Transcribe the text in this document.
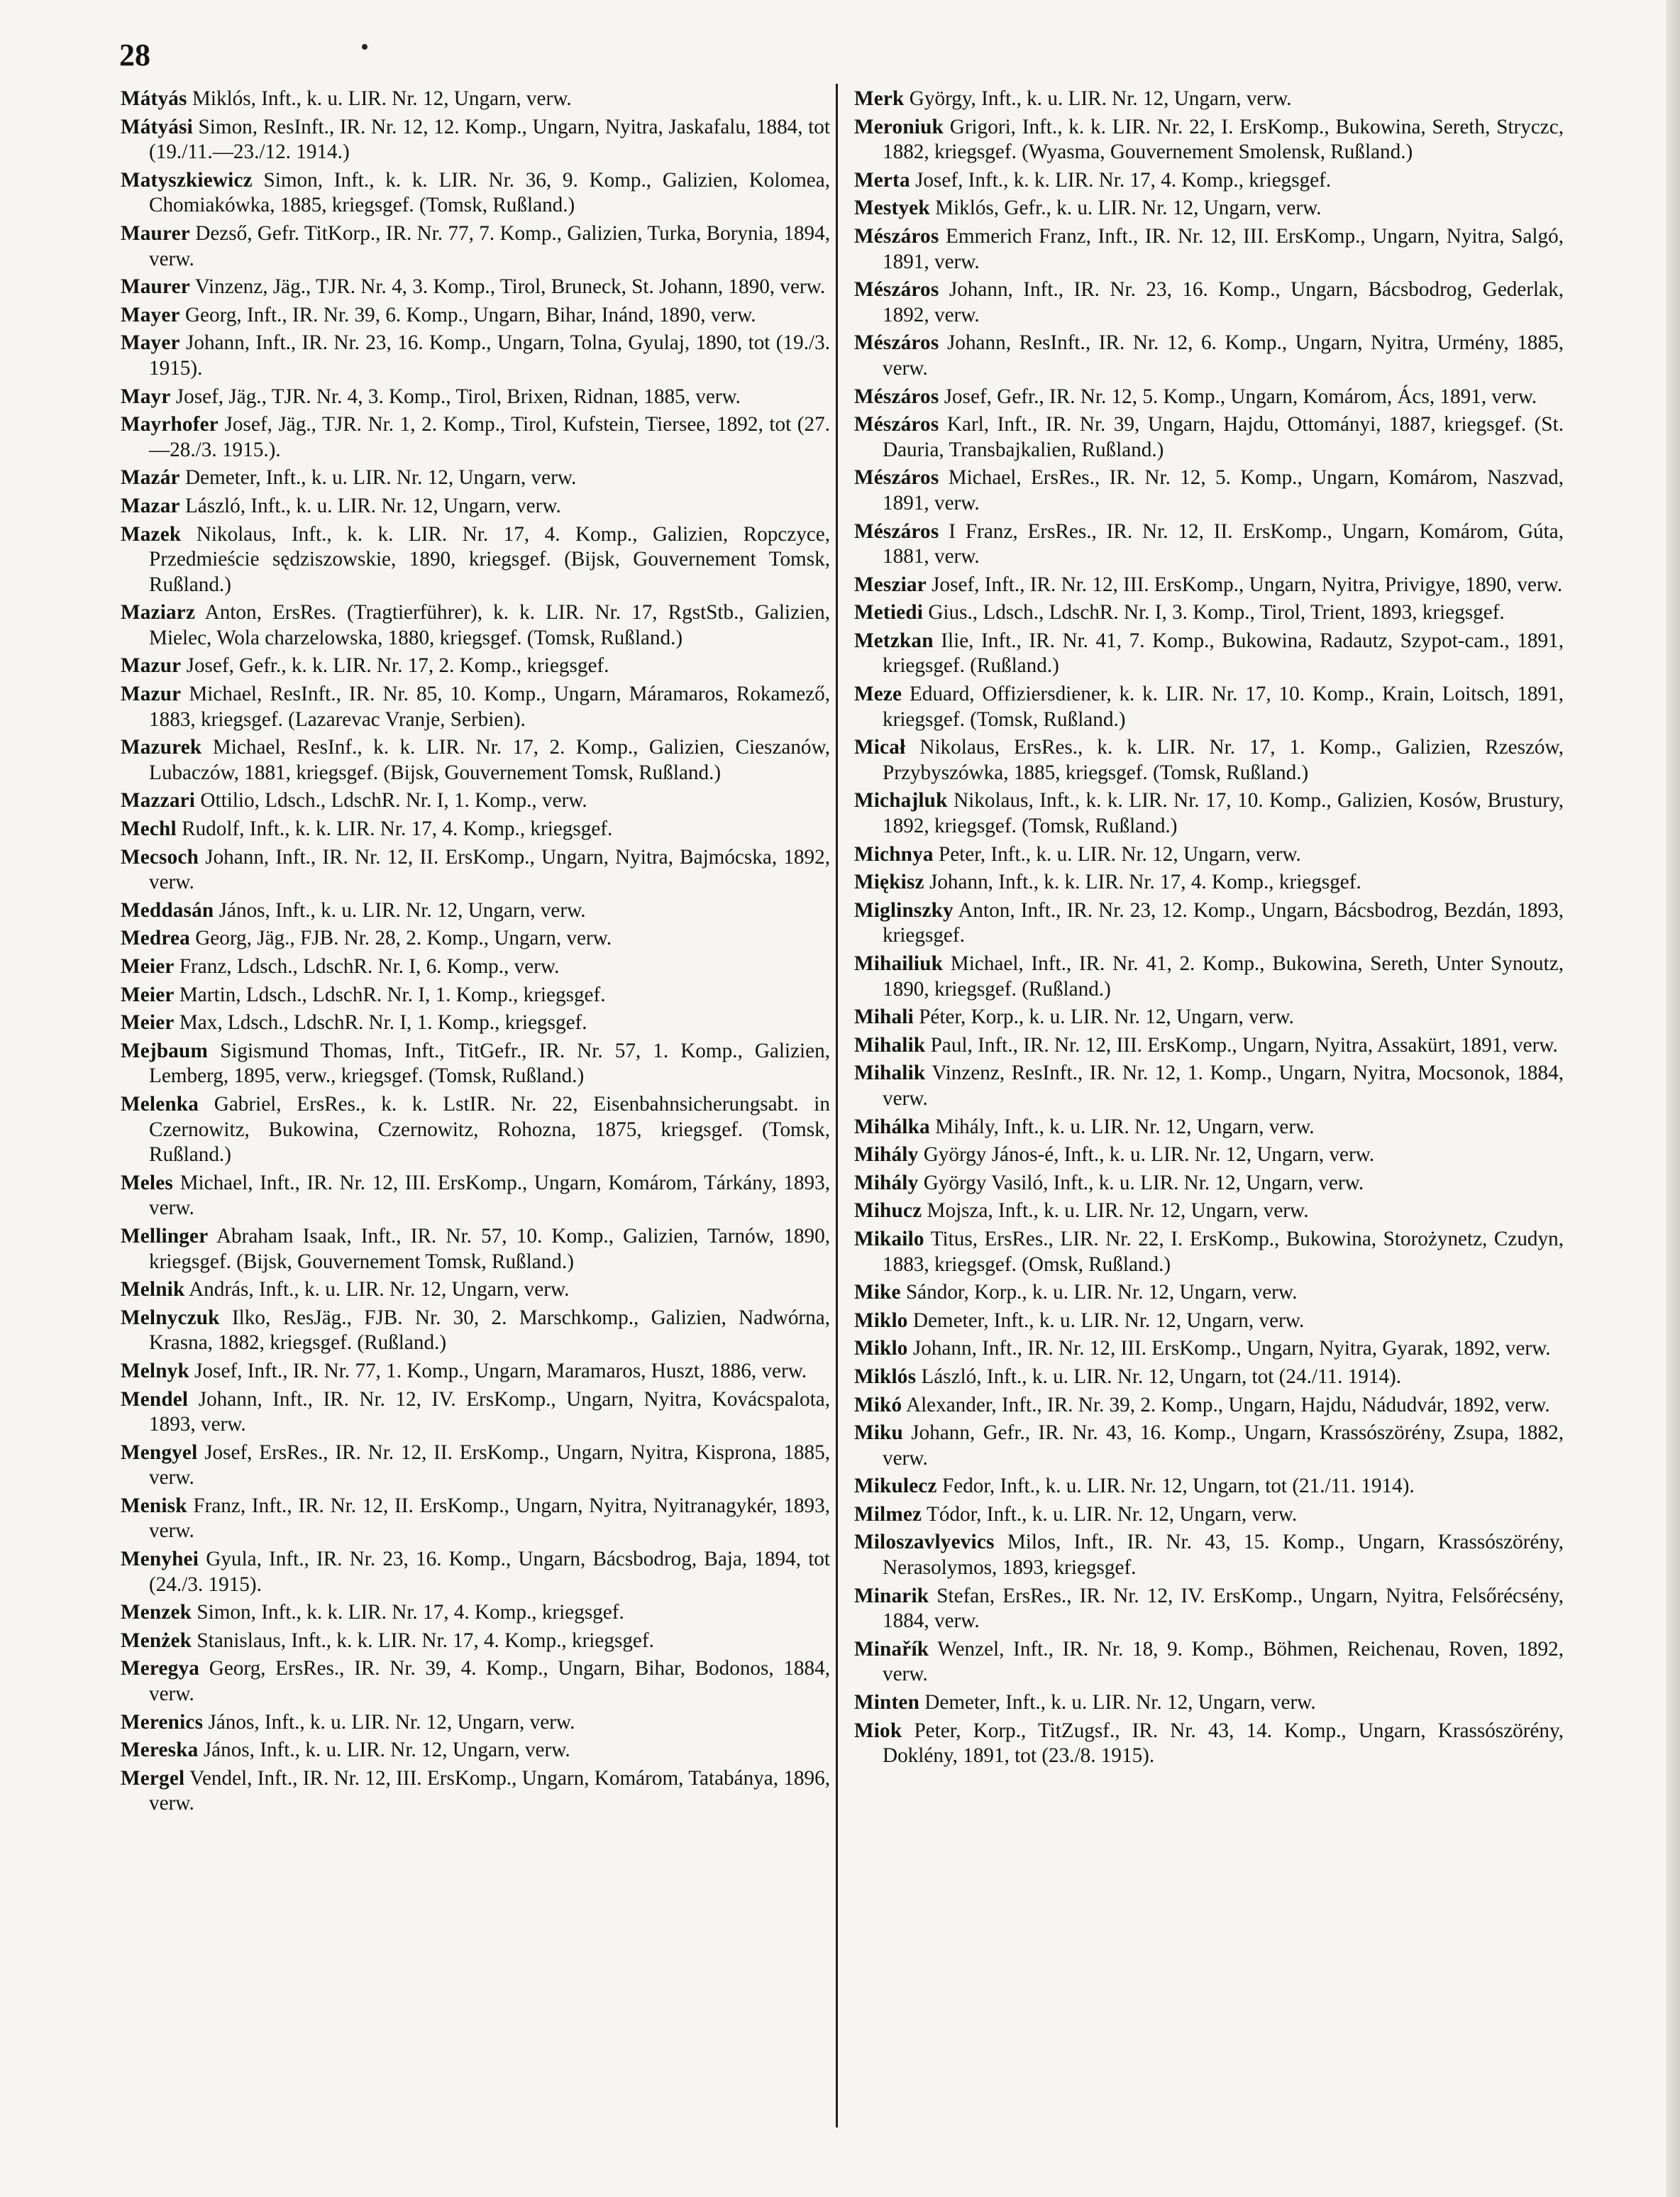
28

Mátyás Miklós, Inft., k. u. LIR. Nr. 12, Ungarn, verw.

Mátyási Simon, ResInft., IR. Nr. 12, 12. Komp., Ungarn, Nyitra, Jaskafalu, 1884, tot (19./11.—23./12. 1914.)

Matyszkiewicz Simon, Inft., k. k. LIR. Nr. 36, 9. Komp., Galizien, Kolomea, Chomiakówka, 1885, kriegsgef. (Tomsk, Rußland.)

Maurer Dezső, Gefr. TitKorp., IR. Nr. 77, 7. Komp., Galizien, Turka, Borynia, 1894, verw.

Maurer Vinzenz, Jäg., TJR. Nr. 4, 3. Komp., Tirol, Bruneck, St. Johann, 1890, verw.

Mayer Georg, Inft., IR. Nr. 39, 6. Komp., Ungarn, Bihar, Inánd, 1890, verw.

Mayer Johann, Inft., IR. Nr. 23, 16. Komp., Ungarn, Tolna, Gyulaj, 1890, tot (19./3. 1915).

Mayr Josef, Jäg., TJR. Nr. 4, 3. Komp., Tirol, Brixen, Ridnan, 1885, verw.

Mayrhofer Josef, Jäg., TJR. Nr. 1, 2. Komp., Tirol, Kufstein, Tiersee, 1892, tot (27.—28./3. 1915.).

Mazár Demeter, Inft., k. u. LIR. Nr. 12, Ungarn, verw.

Mazar László, Inft., k. u. LIR. Nr. 12, Ungarn, verw.

Mazek Nikolaus, Inft., k. k. LIR. Nr. 17, 4. Komp., Galizien, Ropczyce, Przedmieście sędziszowskie, 1890, kriegsgef. (Bijsk, Gouvernement Tomsk, Rußland.)

Maziarz Anton, ErsRes. (Tragtierführer), k. k. LIR. Nr. 17, RgstStb., Galizien, Mielec, Wola charzelowska, 1880, kriegsgef. (Tomsk, Rußland.)

Mazur Josef, Gefr., k. k. LIR. Nr. 17, 2. Komp., kriegsgef.

Mazur Michael, ResInft., IR. Nr. 85, 10. Komp., Ungarn, Máramaros, Rokamező, 1883, kriegsgef. (Lazarevac Vranje, Serbien).

Mazurek Michael, ResInf., k. k. LIR. Nr. 17, 2. Komp., Galizien, Cieszanów, Lubaczów, 1881, kriegsgef. (Bijsk, Gouvernement Tomsk, Rußland.)

Mazzari Ottilio, Ldsch., LdschR. Nr. I, 1. Komp., verw.

Mechl Rudolf, Inft., k. k. LIR. Nr. 17, 4. Komp., kriegsgef.

Mecsoch Johann, Inft., IR. Nr. 12, II. ErsKomp., Ungarn, Nyitra, Bajmócska, 1892, verw.

Meddasán János, Inft., k. u. LIR. Nr. 12, Ungarn, verw.

Medrea Georg, Jäg., FJB. Nr. 28, 2. Komp., Ungarn, verw.

Meier Franz, Ldsch., LdschR. Nr. I, 6. Komp., verw.

Meier Martin, Ldsch., LdschR. Nr. I, 1. Komp., kriegsgef.

Meier Max, Ldsch., LdschR. Nr. I, 1. Komp., kriegsgef.

Mejbaum Sigismund Thomas, Inft., TitGefr., IR. Nr. 57, 1. Komp., Galizien, Lemberg, 1895, verw., kriegsgef. (Tomsk, Rußland.)

Melenka Gabriel, ErsRes., k. k. LstIR. Nr. 22, Eisenbahnsicherungsabt. in Czernowitz, Bukowina, Czernowitz, Rohozna, 1875, kriegsgef. (Tomsk, Rußland.)

Meles Michael, Inft., IR. Nr. 12, III. ErsKomp., Ungarn, Komárom, Tárkány, 1893, verw.

Mellinger Abraham Isaak, Inft., IR. Nr. 57, 10. Komp., Galizien, Tarnów, 1890, kriegsgef. (Bijsk, Gouvernement Tomsk, Rußland.)

Melnik András, Inft., k. u. LIR. Nr. 12, Ungarn, verw.

Melnyczuk Ilko, ResJäg., FJB. Nr. 30, 2. Marschkomp., Galizien, Nadwórna, Krasna, 1882, kriegsgef. (Rußland.)

Melnyk Josef, Inft., IR. Nr. 77, 1. Komp., Ungarn, Maramaros, Huszt, 1886, verw.

Mendel Johann, Inft., IR. Nr. 12, IV. ErsKomp., Ungarn, Nyitra, Kovácspalota, 1893, verw.

Mengyel Josef, ErsRes., IR. Nr. 12, II. ErsKomp., Ungarn, Nyitra, Kisprona, 1885, verw.

Menisk Franz, Inft., IR. Nr. 12, II. ErsKomp., Ungarn, Nyitra, Nyitranagykér, 1893, verw.

Menyhei Gyula, Inft., IR. Nr. 23, 16. Komp., Ungarn, Bácsbodrog, Baja, 1894, tot (24./3. 1915).

Menzek Simon, Inft., k. k. LIR. Nr. 17, 4. Komp., kriegsgef.

Menżek Stanislaus, Inft., k. k. LIR. Nr. 17, 4. Komp., kriegsgef.

Meregya Georg, ErsRes., IR. Nr. 39, 4. Komp., Ungarn, Bihar, Bodonos, 1884, verw.

Merenics János, Inft., k. u. LIR. Nr. 12, Ungarn, verw.

Mereska János, Inft., k. u. LIR. Nr. 12, Ungarn, verw.

Mergel Vendel, Inft., IR. Nr. 12, III. ErsKomp., Ungarn, Komárom, Tatabánya, 1896, verw.

Merk György, Inft., k. u. LIR. Nr. 12, Ungarn, verw.

Meroniuk Grigori, Inft., k. k. LIR. Nr. 22, I. ErsKomp., Bukowina, Sereth, Stryczc, 1882, kriegsgef. (Wyasma, Gouvernement Smolensk, Rußland.)

Merta Josef, Inft., k. k. LIR. Nr. 17, 4. Komp., kriegsgef.

Mestyek Miklós, Gefr., k. u. LIR. Nr. 12, Ungarn, verw.

Mészáros Emmerich Franz, Inft., IR. Nr. 12, III. ErsKomp., Ungarn, Nyitra, Salgó, 1891, verw.

Mészáros Johann, Inft., IR. Nr. 23, 16. Komp., Ungarn, Bácsbodrog, Gederlak, 1892, verw.

Mészáros Johann, ResInft., IR. Nr. 12, 6. Komp., Ungarn, Nyitra, Urmény, 1885, verw.

Mészáros Josef, Gefr., IR. Nr. 12, 5. Komp., Ungarn, Komárom, Ács, 1891, verw.

Mészáros Karl, Inft., IR. Nr. 39, Ungarn, Hajdu, Ottományi, 1887, kriegsgef. (St. Dauria, Transbajkalien, Rußland.)

Mészáros Michael, ErsRes., IR. Nr. 12, 5. Komp., Ungarn, Komárom, Naszvad, 1891, verw.

Mészáros I Franz, ErsRes., IR. Nr. 12, II. ErsKomp., Ungarn, Komárom, Gúta, 1881, verw.

Mesziar Josef, Inft., IR. Nr. 12, III. ErsKomp., Ungarn, Nyitra, Privigye, 1890, verw.

Metiedi Gius., Ldsch., LdschR. Nr. I, 3. Komp., Tirol, Trient, 1893, kriegsgef.

Metzkan Ilie, Inft., IR. Nr. 41, 7. Komp., Bukowina, Radautz, Szypot-cam., 1891, kriegsgef. (Rußland.)

Meze Eduard, Offiziersdiener, k. k. LIR. Nr. 17, 10. Komp., Krain, Loitsch, 1891, kriegsgef. (Tomsk, Rußland.)

Micał Nikolaus, ErsRes., k. k. LIR. Nr. 17, 1. Komp., Galizien, Rzeszów, Przybyszówka, 1885, kriegsgef. (Tomsk, Rußland.)

Michajluk Nikolaus, Inft., k. k. LIR. Nr. 17, 10. Komp., Galizien, Kosów, Brustury, 1892, kriegsgef. (Tomsk, Rußland.)

Michnya Peter, Inft., k. u. LIR. Nr. 12, Ungarn, verw.

Miękisz Johann, Inft., k. k. LIR. Nr. 17, 4. Komp., kriegsgef.

Miglinszky Anton, Inft., IR. Nr. 23, 12. Komp., Ungarn, Bácsbodrog, Bezdán, 1893, kriegsgef.

Mihailiuk Michael, Inft., IR. Nr. 41, 2. Komp., Bukowina, Sereth, Unter Synoutz, 1890, kriegsgef. (Rußland.)

Mihali Péter, Korp., k. u. LIR. Nr. 12, Ungarn, verw.

Mihalik Paul, Inft., IR. Nr. 12, III. ErsKomp., Ungarn, Nyitra, Assakürt, 1891, verw.

Mihalik Vinzenz, ResInft., IR. Nr. 12, 1. Komp., Ungarn, Nyitra, Mocsonok, 1884, verw.

Mihálka Mihály, Inft., k. u. LIR. Nr. 12, Ungarn, verw.

Mihály György János-é, Inft., k. u. LIR. Nr. 12, Ungarn, verw.

Mihály György Vasiló, Inft., k. u. LIR. Nr. 12, Ungarn, verw.

Mihucz Mojsza, Inft., k. u. LIR. Nr. 12, Ungarn, verw.

Mikailo Titus, ErsRes., LIR. Nr. 22, I. ErsKomp., Bukowina, Storożynetz, Czudyn, 1883, kriegsgef. (Omsk, Rußland.)

Mike Sándor, Korp., k. u. LIR. Nr. 12, Ungarn, verw.

Miklo Demeter, Inft., k. u. LIR. Nr. 12, Ungarn, verw.

Miklo Johann, Inft., IR. Nr. 12, III. ErsKomp., Ungarn, Nyitra, Gyarak, 1892, verw.

Miklós László, Inft., k. u. LIR. Nr. 12, Ungarn, tot (24./11. 1914).

Mikó Alexander, Inft., IR. Nr. 39, 2. Komp., Ungarn, Hajdu, Nádudvár, 1892, verw.

Miku Johann, Gefr., IR. Nr. 43, 16. Komp., Ungarn, Krassószörény, Zsupa, 1882, verw.

Mikulecz Fedor, Inft., k. u. LIR. Nr. 12, Ungarn, tot (21./11. 1914).

Milmez Tódor, Inft., k. u. LIR. Nr. 12, Ungarn, verw.

Miloszavlyevics Milos, Inft., IR. Nr. 43, 15. Komp., Ungarn, Krassószörény, Nerasolymos, 1893, kriegsgef.

Minarik Stefan, ErsRes., IR. Nr. 12, IV. ErsKomp., Ungarn, Nyitra, Felsőrécsény, 1884, verw.

Minařík Wenzel, Inft., IR. Nr. 18, 9. Komp., Böhmen, Reichenau, Roven, 1892, verw.

Minten Demeter, Inft., k. u. LIR. Nr. 12, Ungarn, verw.

Miok Peter, Korp., TitZugsf., IR. Nr. 43, 14. Komp., Ungarn, Krassószörény, Doklény, 1891, tot (23./8. 1915).
